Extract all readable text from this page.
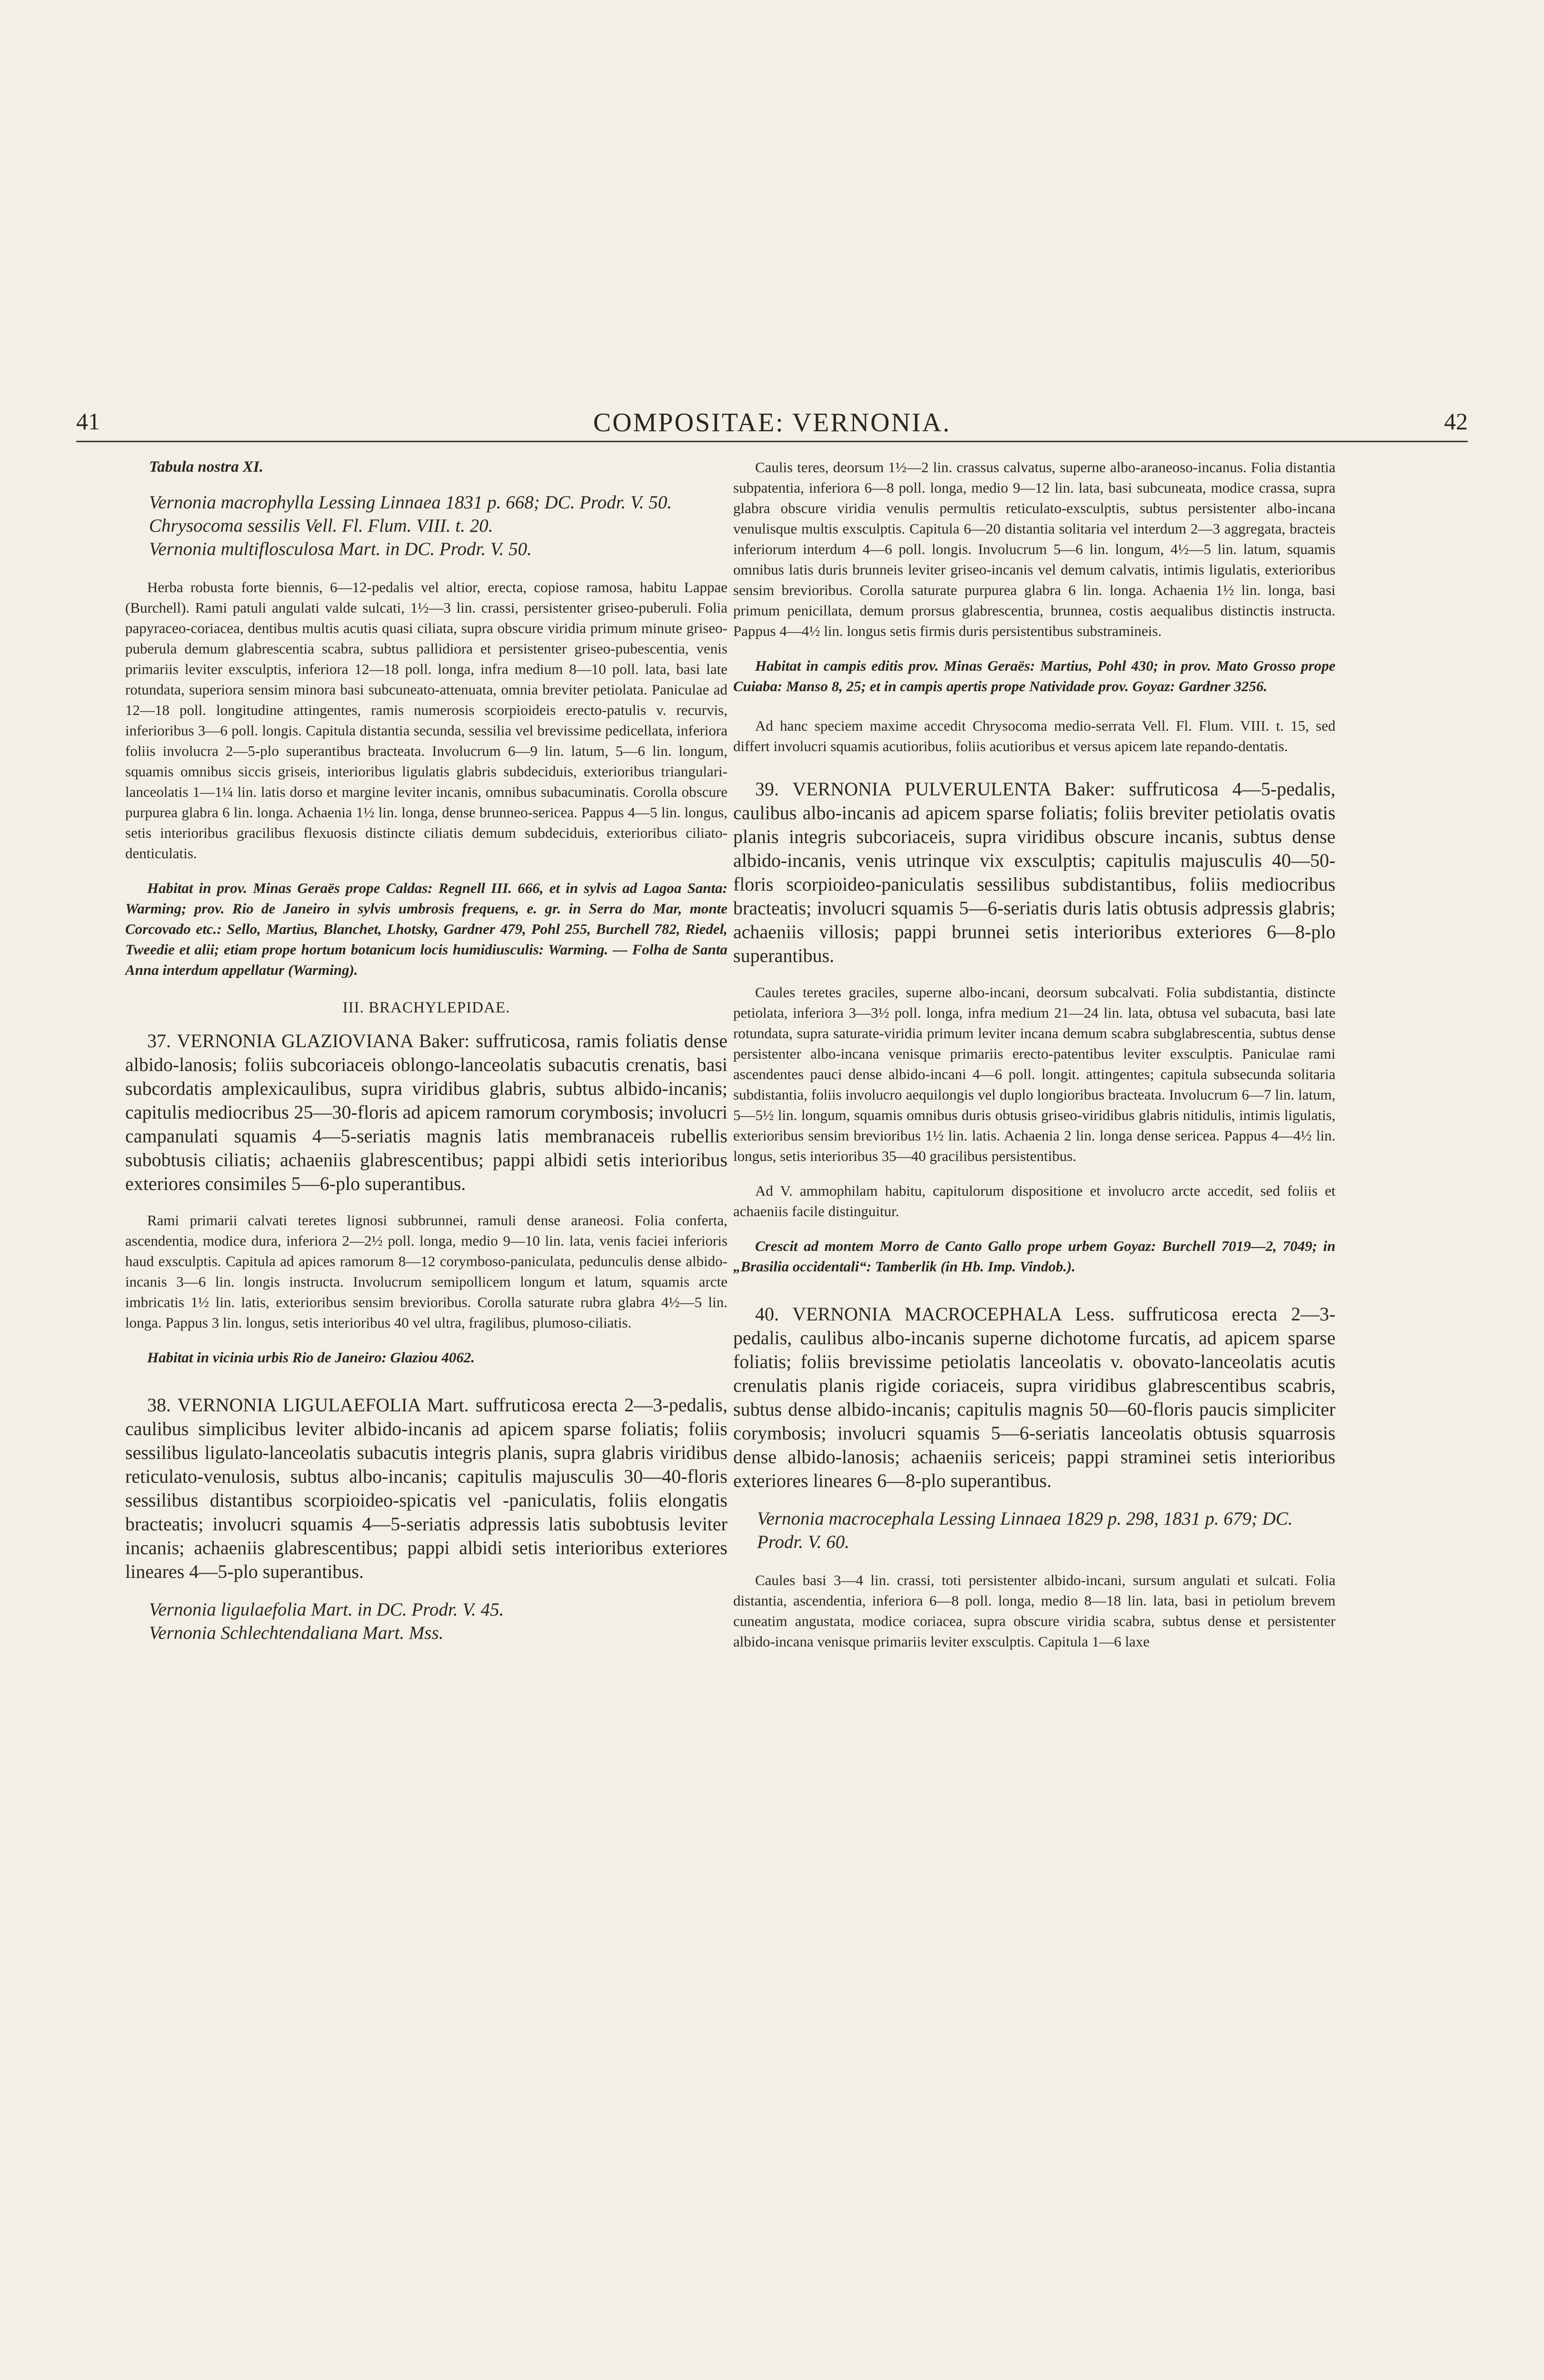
41	COMPOSITAE: VERNONIA.	42

Tabula nostra XI.

Vernonia macrophylla Lessing Linnaea 1831 p. 668; DC. Prodr. V. 50.

Chrysocoma sessilis Vell. Fl. Flum. VIII. t. 20.

Vernonia multiflosculosa Mart. in DC. Prodr. V. 50.

Herba robusta forte biennis, 6—12-pedalis vel altior, erecta, copiose ramosa, habitu Lappae (Burchell). Rami patuli angulati valde sulcati, 1½—3 lin. crassi, persistenter griseo-puberuli. Folia papyraceo-coriacea, dentibus multis acutis quasi ciliata, supra obscure viridia primum minute griseo-puberula demum glabrescentia scabra, subtus pallidiora et persistenter griseo-pubescentia, venis primariis leviter exsculptis, inferiora 12—18 poll. longa, infra medium 8—10 poll. lata, basi late rotundata, superiora sensim minora basi subcuneato-attenuata, omnia breviter petiolata. Paniculae ad 12—18 poll. longitudine attingentes, ramis numerosis scorpioideis erecto-patulis v. recurvis, inferioribus 3—6 poll. longis. Capitula distantia secunda, sessilia vel brevissime pedicellata, inferiora foliis involucra 2—5-plo superantibus bracteata. Involucrum 6—9 lin. latum, 5—6 lin. longum, squamis omnibus siccis griseis, interioribus ligulatis glabris subdeciduis, exterioribus triangulari-lanceolatis 1—1¼ lin. latis dorso et margine leviter incanis, omnibus subacuminatis. Corolla obscure purpurea glabra 6 lin. longa. Achaenia 1½ lin. longa, dense brunneo-sericea. Pappus 4—5 lin. longus, setis interioribus gracilibus flexuosis distincte ciliatis demum subdeciduis, exterioribus ciliato-denticulatis.

Habitat in prov. Minas Geraës prope Caldas: Regnell III. 666, et in sylvis ad Lagoa Santa: Warming; prov. Rio de Janeiro in sylvis umbrosis frequens, e. gr. in Serra do Mar, monte Corcovado etc.: Sello, Martius, Blanchet, Lhotsky, Gardner 479, Pohl 255, Burchell 782, Riedel, Tweedie et alii; etiam prope hortum botanicum locis humidiusculis: Warming. — Folha de Santa Anna interdum appellatur (Warming).

III. BRACHYLEPIDAE.

37. VERNONIA GLAZIOVIANA Baker: suffruticosa, ramis foliatis dense albido-lanosis; foliis subcoriaceis oblongo-lanceolatis subacutis crenatis, basi subcordatis amplexicaulibus, supra viridibus glabris, subtus albido-incanis; capitulis mediocribus 25—30-floris ad apicem ramorum corymbosis; involucri campanulati squamis 4—5-seriatis magnis latis membranaceis rubellis subobtusis ciliatis; achaeniis glabrescentibus; pappi albidi setis interioribus exteriores consimiles 5—6-plo superantibus.

Rami primarii calvati teretes lignosi subbrunnei, ramuli dense araneosi. Folia conferta, ascendentia, modice dura, inferiora 2—2½ poll. longa, medio 9—10 lin. lata, venis faciei inferioris haud exsculptis. Capitula ad apices ramorum 8—12 corymboso-paniculata, pedunculis dense albido-incanis 3—6 lin. longis instructa. Involucrum semipollicem longum et latum, squamis arcte imbricatis 1½ lin. latis, exterioribus sensim brevioribus. Corolla saturate rubra glabra 4½—5 lin. longa. Pappus 3 lin. longus, setis interioribus 40 vel ultra, fragilibus, plumoso-ciliatis.

Habitat in vicinia urbis Rio de Janeiro: Glaziou 4062.

38. VERNONIA LIGULAEFOLIA Mart. suffruticosa erecta 2—3-pedalis, caulibus simplicibus leviter albido-incanis ad apicem sparse foliatis; foliis sessilibus ligulato-lanceolatis subacutis integris planis, supra glabris viridibus reticulato-venulosis, subtus albo-incanis; capitulis majusculis 30—40-floris sessilibus distantibus scorpioideo-spicatis vel -paniculatis, foliis elongatis bracteatis; involucri squamis 4—5-seriatis adpressis latis subobtusis leviter incanis; achaeniis glabrescentibus; pappi albidi setis interioribus exteriores lineares 4—5-plo superantibus.

Vernonia ligulaefolia Mart. in DC. Prodr. V. 45.

Vernonia Schlechtendaliana Mart. Mss.

Caulis teres, deorsum 1½—2 lin. crassus calvatus, superne albo-araneoso-incanus. Folia distantia subpatentia, inferiora 6—8 poll. longa, medio 9—12 lin. lata, basi subcuneata, modice crassa, supra glabra obscure viridia venulis permultis reticulato-exsculptis, subtus persistenter albo-incana venulisque multis exsculptis. Capitula 6—20 distantia solitaria vel interdum 2—3 aggregata, bracteis inferiorum interdum 4—6 poll. longis. Involucrum 5—6 lin. longum, 4½—5 lin. latum, squamis omnibus latis duris brunneis leviter griseo-incanis vel demum calvatis, intimis ligulatis, exterioribus sensim brevioribus. Corolla saturate purpurea glabra 6 lin. longa. Achaenia 1½ lin. longa, basi primum penicillata, demum prorsus glabrescentia, brunnea, costis aequalibus distinctis instructa. Pappus 4—4½ lin. longus setis firmis duris persistentibus substramineis.

Habitat in campis editis prov. Minas Geraës: Martius, Pohl 430; in prov. Mato Grosso prope Cuiaba: Manso 8, 25; et in campis apertis prope Natividade prov. Goyaz: Gardner 3256.

Ad hanc speciem maxime accedit Chrysocoma medio-serrata Vell. Fl. Flum. VIII. t. 15, sed differt involucri squamis acutioribus, foliis acutioribus et versus apicem late repando-dentatis.

39. VERNONIA PULVERULENTA Baker: suffruticosa 4—5-pedalis, caulibus albo-incanis ad apicem sparse foliatis; foliis breviter petiolatis ovatis planis integris subcoriaceis, supra viridibus obscure incanis, subtus dense albido-incanis, venis utrinque vix exsculptis; capitulis majusculis 40—50-floris scorpioideo-paniculatis sessilibus subdistantibus, foliis mediocribus bracteatis; involucri squamis 5—6-seriatis duris latis obtusis adpressis glabris; achaeniis villosis; pappi brunnei setis interioribus exteriores 6—8-plo superantibus.

Caules teretes graciles, superne albo-incani, deorsum subcalvati. Folia subdistantia, distincte petiolata, inferiora 3—3½ poll. longa, infra medium 21—24 lin. lata, obtusa vel subacuta, basi late rotundata, supra saturate-viridia primum leviter incana demum scabra subglabrescentia, subtus dense persistenter albo-incana venisque primariis erecto-patentibus leviter exsculptis. Paniculae rami ascendentes pauci dense albido-incani 4—6 poll. longit. attingentes; capitula subsecunda solitaria subdistantia, foliis involucro aequilongis vel duplo longioribus bracteata. Involucrum 6—7 lin. latum, 5—5½ lin. longum, squamis omnibus duris obtusis griseo-viridibus glabris nitidulis, intimis ligulatis, exterioribus sensim brevioribus 1½ lin. latis. Achaenia 2 lin. longa dense sericea. Pappus 4—4½ lin. longus, setis interioribus 35—40 gracilibus persistentibus.

Ad V. ammophilam habitu, capitulorum dispositione et involucro arcte accedit, sed foliis et achaeniis facile distinguitur.

Crescit ad montem Morro de Canto Gallo prope urbem Goyaz: Burchell 7019—2, 7049; in „Brasilia occidentali“: Tamberlik (in Hb. Imp. Vindob.).

40. VERNONIA MACROCEPHALA Less. suffruticosa erecta 2—3-pedalis, caulibus albo-incanis superne dichotome furcatis, ad apicem sparse foliatis; foliis brevissime petiolatis lanceolatis v. obovato-lanceolatis acutis crenulatis planis rigide coriaceis, supra viridibus glabrescentibus scabris, subtus dense albido-incanis; capitulis magnis 50—60-floris paucis simpliciter corymbosis; involucri squamis 5—6-seriatis lanceolatis obtusis squarrosis dense albido-lanosis; achaeniis sericeis; pappi straminei setis interioribus exteriores lineares 6—8-plo superantibus.

Vernonia macrocephala Lessing Linnaea 1829 p. 298, 1831 p. 679; DC. Prodr. V. 60.

Caules basi 3—4 lin. crassi, toti persistenter albido-incani, sursum angulati et sulcati. Folia distantia, ascendentia, inferiora 6—8 poll. longa, medio 8—18 lin. lata, basi in petiolum brevem cuneatim angustata, modice coriacea, supra obscure viridia scabra, subtus dense et persistenter albido-incana venisque primariis leviter exsculptis. Capitula 1—6 laxe
